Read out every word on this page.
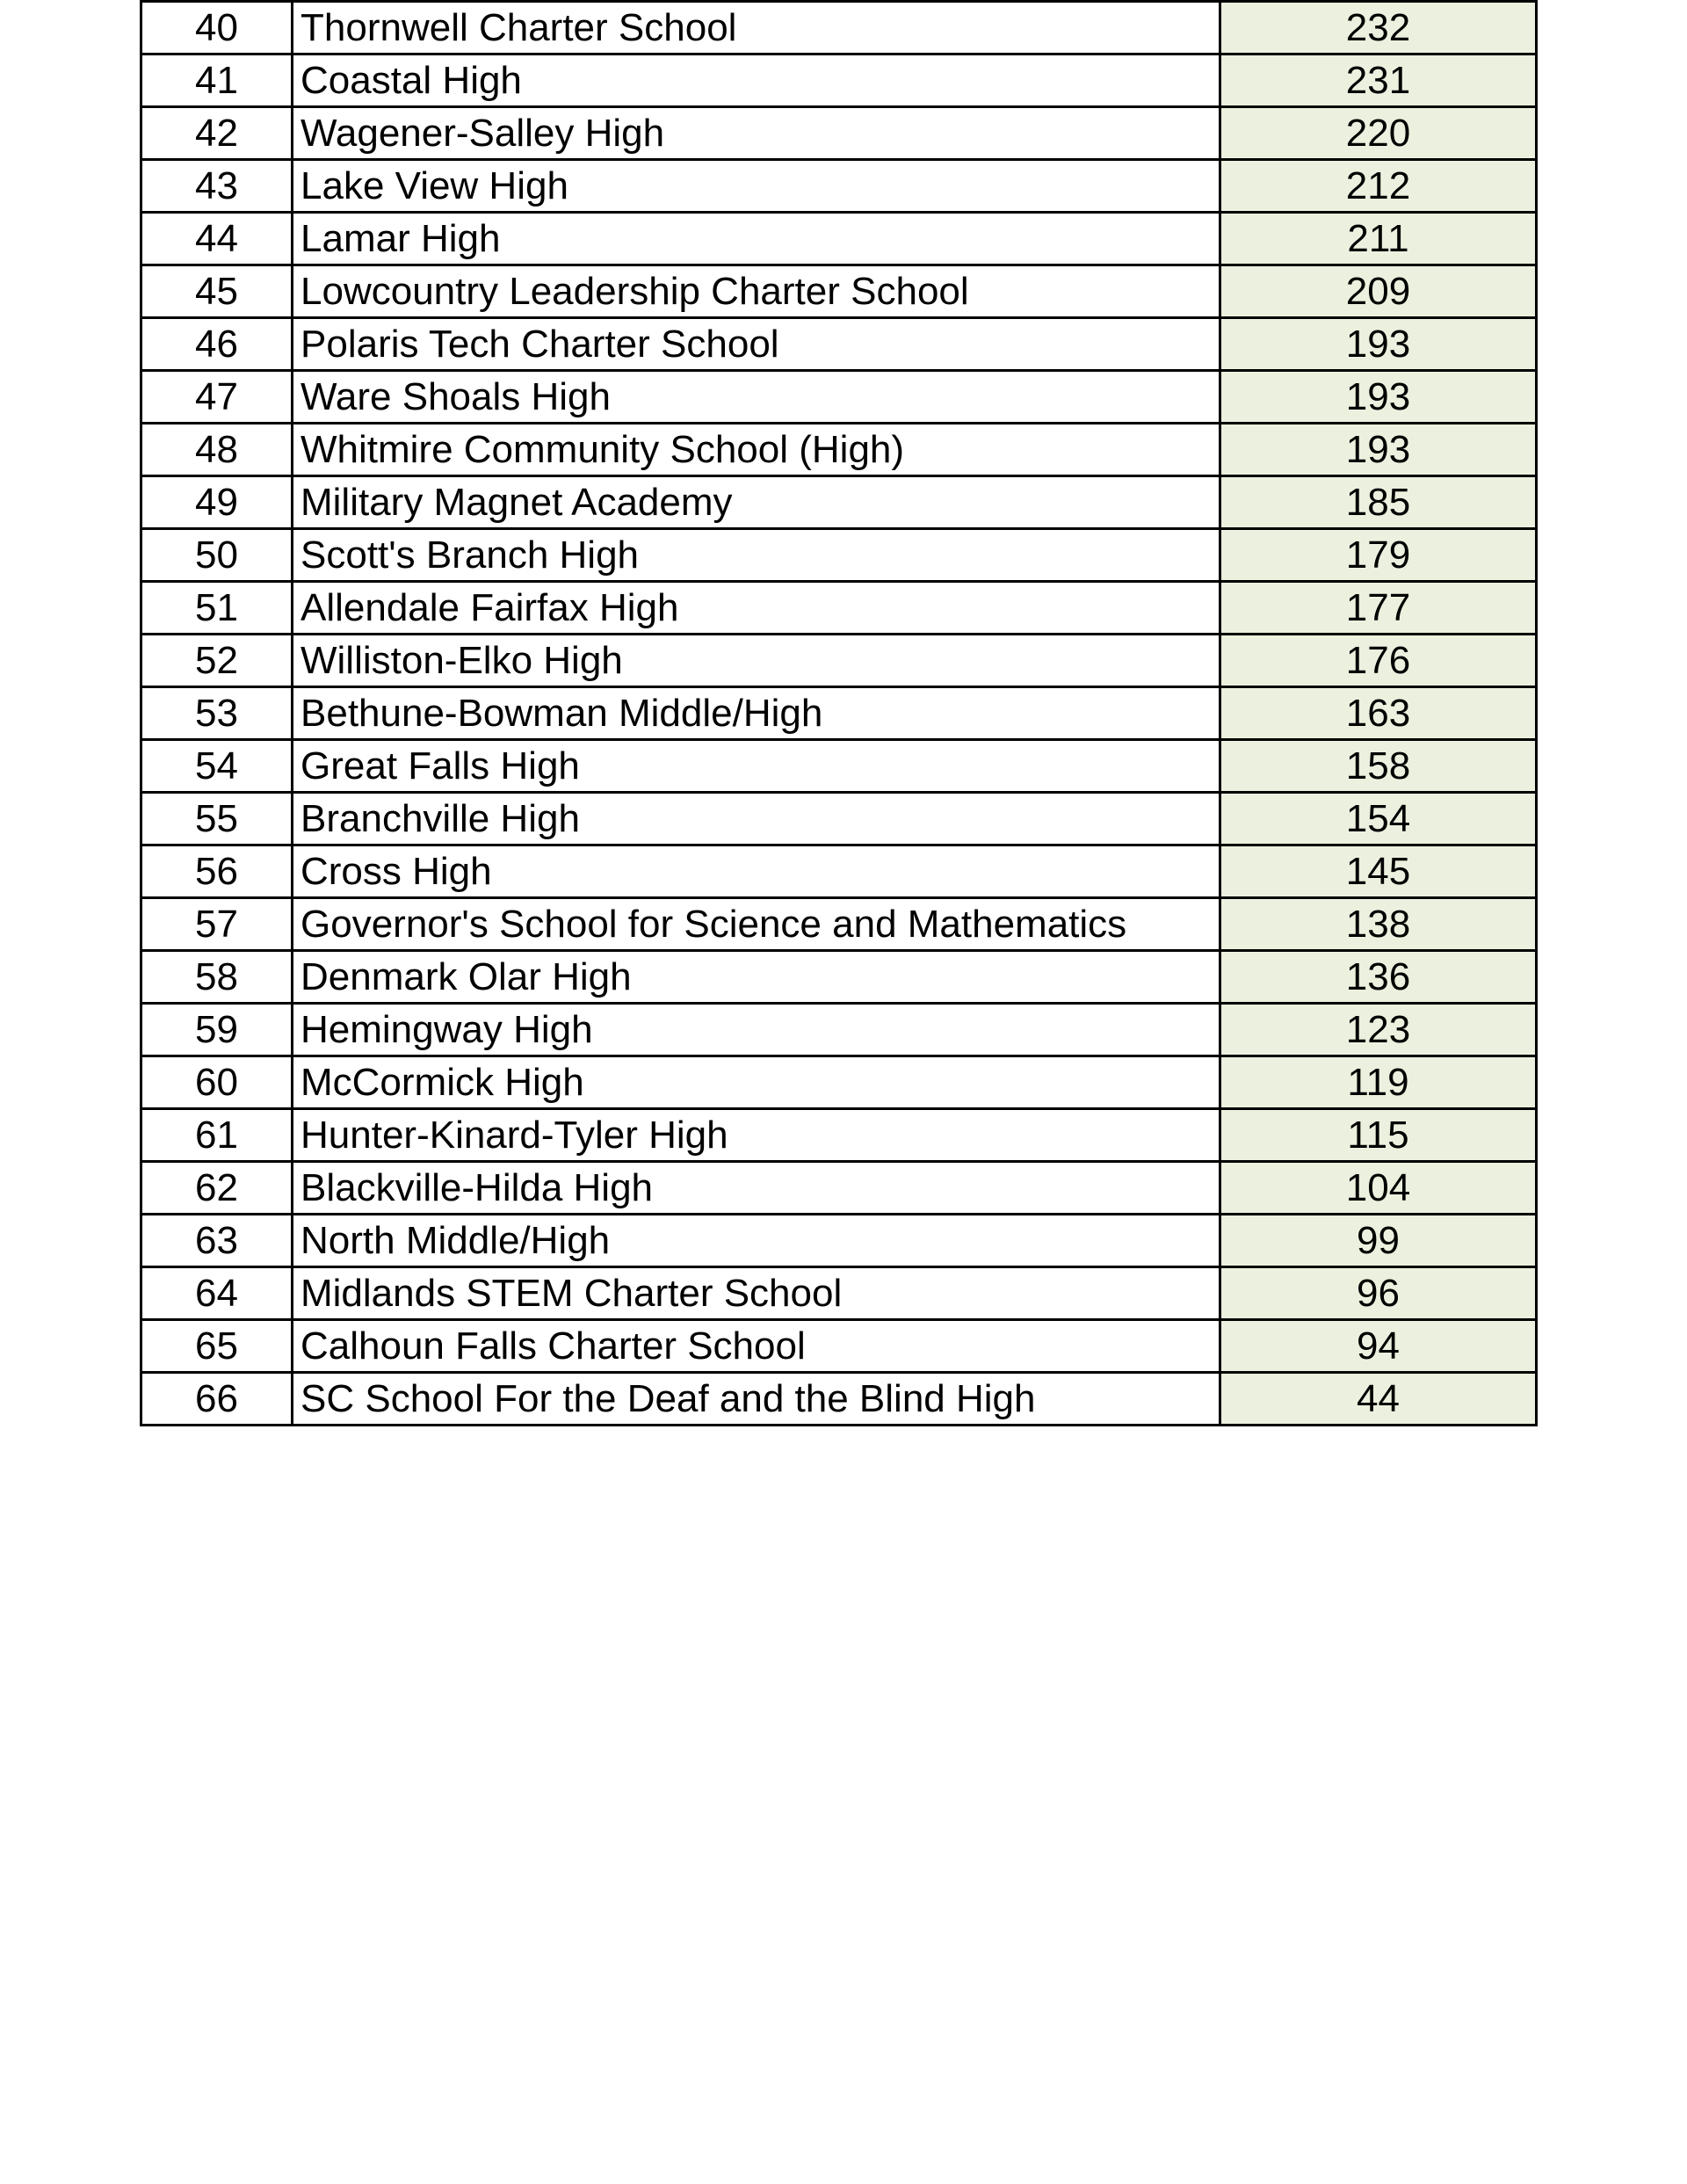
40	Thornwell Charter School	232
41	Coastal High	231
42	Wagener-Salley High	220
43	Lake View High	212
44	Lamar High	211
45	Lowcountry Leadership Charter School	209
46	Polaris Tech Charter School	193
47	Ware Shoals High	193
48	Whitmire Community School (High)	193
49	Military Magnet Academy	185
50	Scott's Branch High	179
51	Allendale Fairfax High	177
52	Williston-Elko High	176
53	Bethune-Bowman Middle/High	163
54	Great Falls High	158
55	Branchville High	154
56	Cross High	145
57	Governor's School for Science and Mathematics	138
58	Denmark Olar High	136
59	Hemingway High	123
60	McCormick High	119
61	Hunter-Kinard-Tyler High	115
62	Blackville-Hilda High	104
63	North Middle/High	99
64	Midlands STEM Charter School	96
65	Calhoun Falls Charter School	94
66	SC School For the Deaf and the Blind High	44
